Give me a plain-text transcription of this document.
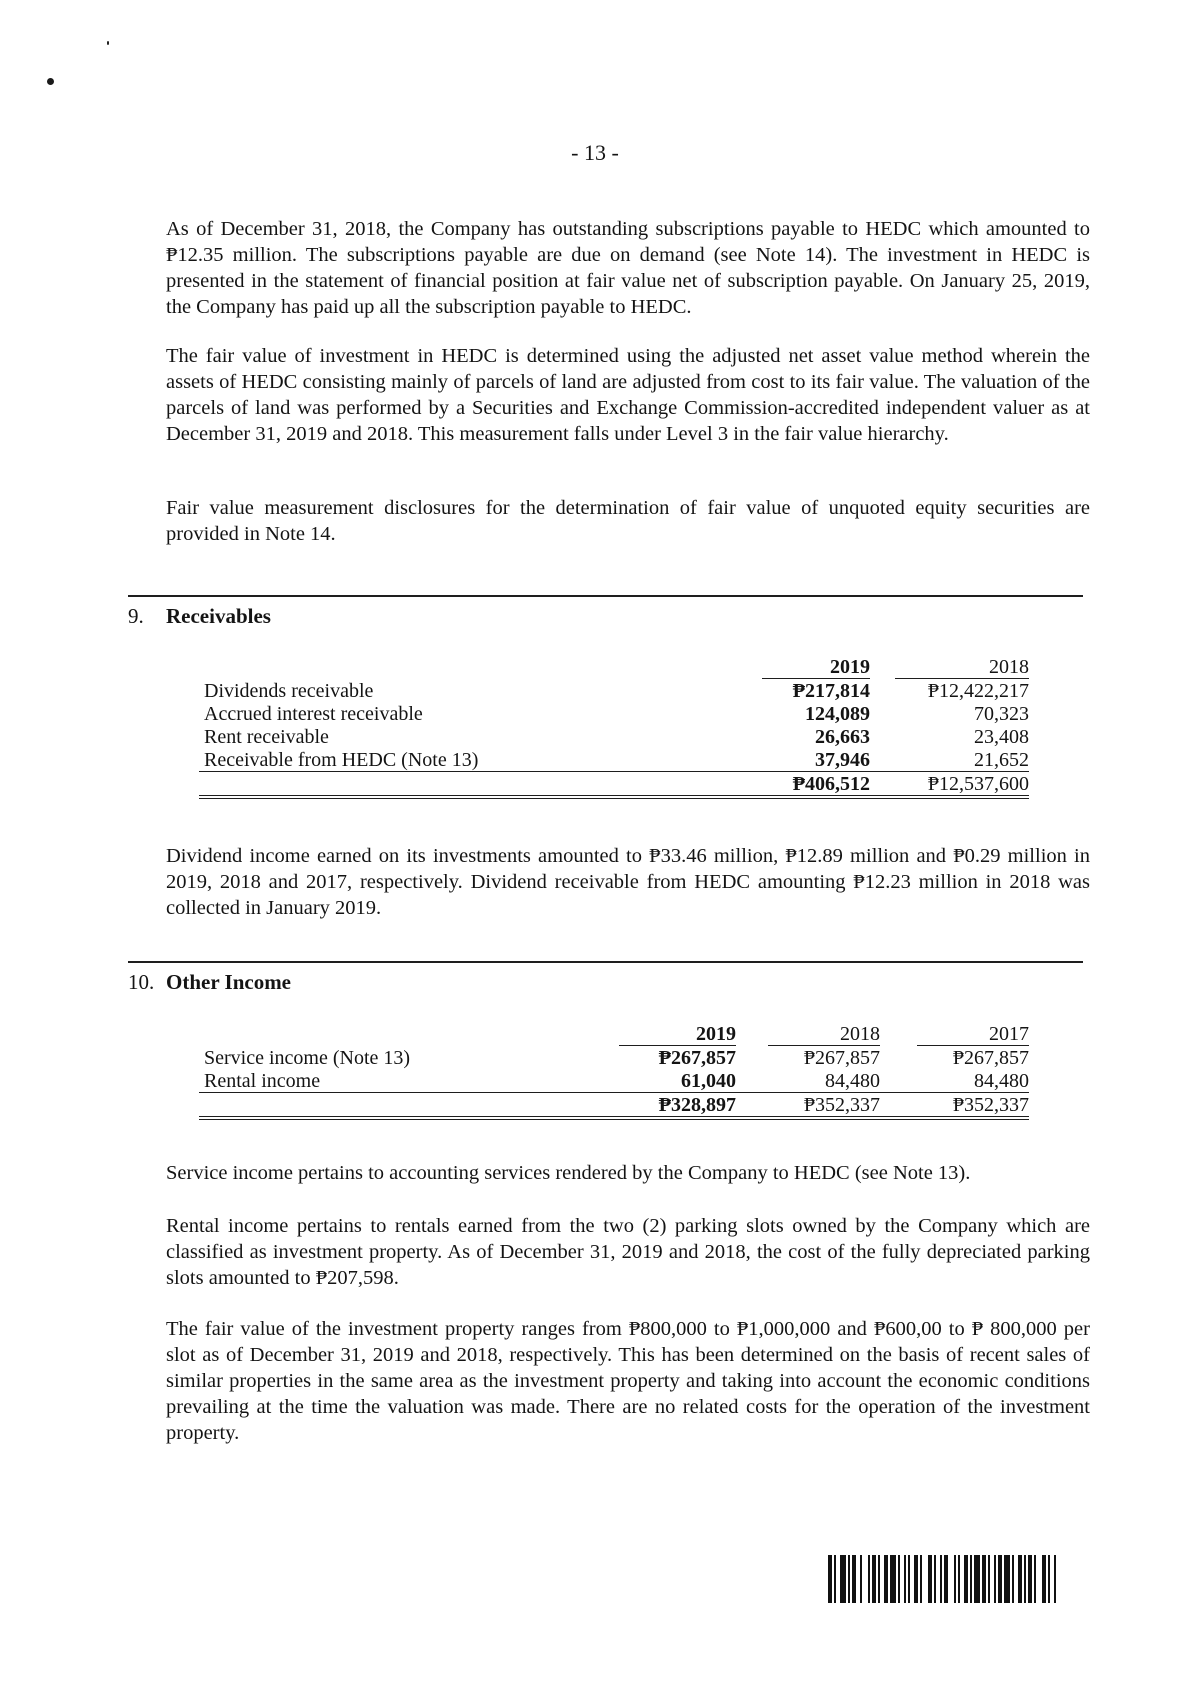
- 13 -

As of December 31, 2018, the Company has outstanding subscriptions payable to HEDC which amounted to ₱12.35 million. The subscriptions payable are due on demand (see Note 14). The investment in HEDC is presented in the statement of financial position at fair value net of subscription payable. On January 25, 2019, the Company has paid up all the subscription payable to HEDC.

The fair value of investment in HEDC is determined using the adjusted net asset value method wherein the assets of HEDC consisting mainly of parcels of land are adjusted from cost to its fair value. The valuation of the parcels of land was performed by a Securities and Exchange Commission-accredited independent valuer as at December 31, 2019 and 2018. This measurement falls under Level 3 in the fair value hierarchy.

Fair value measurement disclosures for the determination of fair value of unquoted equity securities are provided in Note 14.

9. Receivables
	2019		2018
Dividends receivable	₱217,814		₱12,422,217
Accrued interest receivable	124,089		70,323
Rent receivable	26,663		23,408
Receivable from HEDC (Note 13)	37,946		21,652
	₱406,512		₱12,537,600

Dividend income earned on its investments amounted to ₱33.46 million, ₱12.89 million and ₱0.29 million in 2019, 2018 and 2017, respectively. Dividend receivable from HEDC amounting ₱12.23 million in 2018 was collected in January 2019.

10. Other Income
	2019		2018		2017
Service income (Note 13)	₱267,857		₱267,857		₱267,857
Rental income	61,040		84,480		84,480
	₱328,897		₱352,337		₱352,337

Service income pertains to accounting services rendered by the Company to HEDC (see Note 13).

Rental income pertains to rentals earned from the two (2) parking slots owned by the Company which are classified as investment property. As of December 31, 2019 and 2018, the cost of the fully depreciated parking slots amounted to ₱207,598.

The fair value of the investment property ranges from ₱800,000 to ₱1,000,000 and ₱600,00 to ₱ 800,000 per slot as of December 31, 2019 and 2018, respectively. This has been determined on the basis of recent sales of similar properties in the same area as the investment property and taking into account the economic conditions prevailing at the time the valuation was made. There are no related costs for the operation of the investment property.
